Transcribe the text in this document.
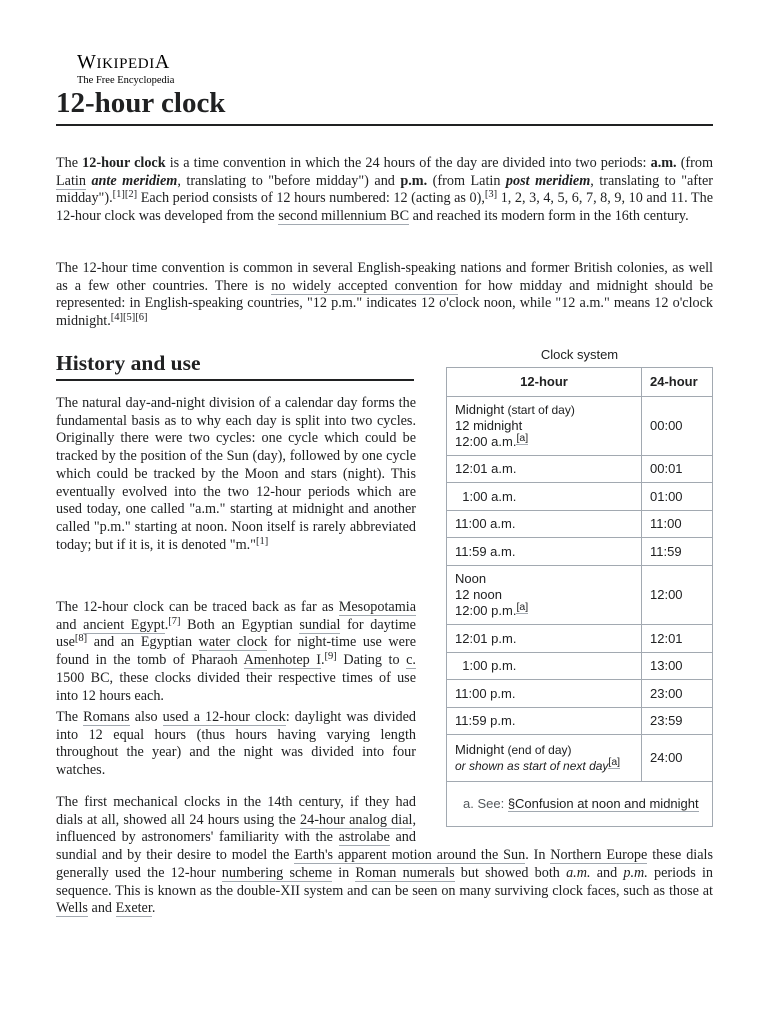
WIKIPEDIA
The Free Encyclopedia
12-hour clock

The 12-hour clock is a time convention in which the 24 hours of the day are divided into two periods: a.m. (from Latin ante meridiem, translating to "before midday") and p.m. (from Latin post meridiem, translating to "after midday").[1][2] Each period consists of 12 hours numbered: 12 (acting as 0),[3] 1, 2, 3, 4, 5, 6, 7, 8, 9, 10 and 11. The 12-hour clock was developed from the second millennium BC and reached its modern form in the 16th century.

The 12-hour time convention is common in several English-speaking nations and former British colonies, as well as a few other countries. There is no widely accepted convention for how midday and midnight should be represented: in English-speaking countries, "12 p.m." indicates 12 o'clock noon, while "12 a.m." means 12 o'clock midnight.[4][5][6]

History and use

The natural day-and-night division of a calendar day forms the fundamental basis as to why each day is split into two cycles. Originally there were two cycles: one cycle which could be tracked by the position of the Sun (day), followed by one cycle which could be tracked by the Moon and stars (night). This eventually evolved into the two 12-hour periods which are used today, one called "a.m." starting at midnight and another called "p.m." starting at noon. Noon itself is rarely abbreviated today; but if it is, it is denoted "m."[1]

The 12-hour clock can be traced back as far as Mesopotamia and ancient Egypt.[7] Both an Egyptian sundial for daytime use[8] and an Egyptian water clock for night-time use were found in the tomb of Pharaoh Amenhotep I.[9] Dating to c. 1500 BC, these clocks divided their respective times of use into 12 hours each.

The Romans also used a 12-hour clock: daylight was divided into 12 equal hours (thus hours having varying length throughout the year) and the night was divided into four watches.

The first mechanical clocks in the 14th century, if they had dials at all, showed all 24 hours using the 24-hour analog dial, influenced by astronomers' familiarity with the astrolabe and sundial and by their desire to model the Earth's apparent motion around the Sun. In Northern Europe these dials generally used the 12-hour numbering scheme in Roman numerals but showed both a.m. and p.m. periods in sequence. This is known as the double-XII system and can be seen on many surviving clock faces, such as those at Wells and Exeter.

Clock system
12-hour	24-hour
Midnight (start of day)
12 midnight
12:00 a.m.[a]	00:00
12:01 a.m.	00:01
1:00 a.m.	01:00
11:00 a.m.	11:00
11:59 a.m.	11:59
Noon
12 noon
12:00 p.m.[a]	12:00
12:01 p.m.	12:01
1:00 p.m.	13:00
11:00 p.m.	23:00
11:59 p.m.	23:59
Midnight (end of day)
or shown as start of next day[a]	24:00
a. See: §Confusion at noon and midnight
